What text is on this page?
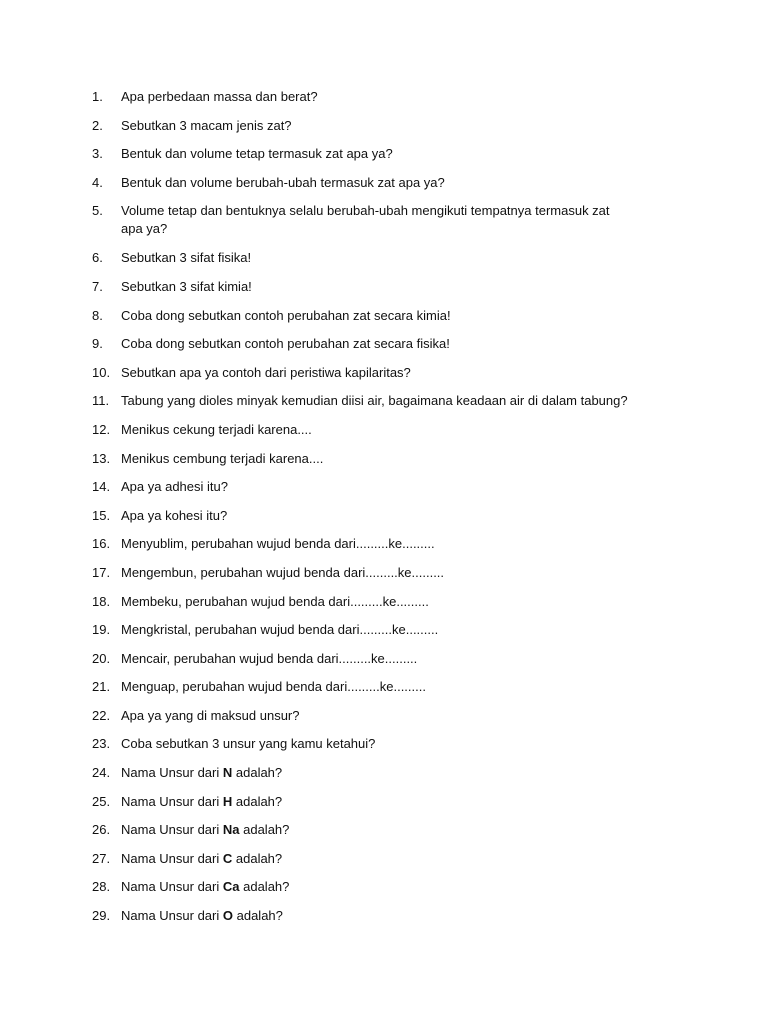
1. Apa perbedaan massa dan berat?
2. Sebutkan 3 macam jenis zat?
3. Bentuk dan volume tetap termasuk zat apa ya?
4. Bentuk dan volume berubah-ubah termasuk zat apa ya?
5. Volume tetap dan bentuknya selalu berubah-ubah mengikuti tempatnya termasuk zat
apa ya?
6. Sebutkan 3 sifat fisika!
7. Sebutkan 3 sifat kimia!
8. Coba dong sebutkan contoh perubahan zat secara kimia!
9. Coba dong sebutkan contoh perubahan zat secara fisika!
10. Sebutkan apa ya contoh dari peristiwa kapilaritas?
11. Tabung yang dioles minyak kemudian diisi air, bagaimana keadaan air di dalam tabung?
12. Menikus cekung terjadi karena....
13. Menikus cembung terjadi karena....
14. Apa ya adhesi itu?
15. Apa ya kohesi itu?
16. Menyublim, perubahan wujud benda dari.........ke.........
17. Mengembun, perubahan wujud benda dari.........ke.........
18. Membeku, perubahan wujud benda dari.........ke.........
19. Mengkristal, perubahan wujud benda dari.........ke.........
20. Mencair, perubahan wujud benda dari.........ke.........
21. Menguap, perubahan wujud benda dari.........ke.........
22. Apa ya yang di maksud unsur?
23. Coba sebutkan 3 unsur yang kamu ketahui?
24. Nama Unsur dari N adalah?
25. Nama Unsur dari H adalah?
26. Nama Unsur dari Na adalah?
27. Nama Unsur dari C adalah?
28. Nama Unsur dari Ca adalah?
29. Nama Unsur dari O adalah?
